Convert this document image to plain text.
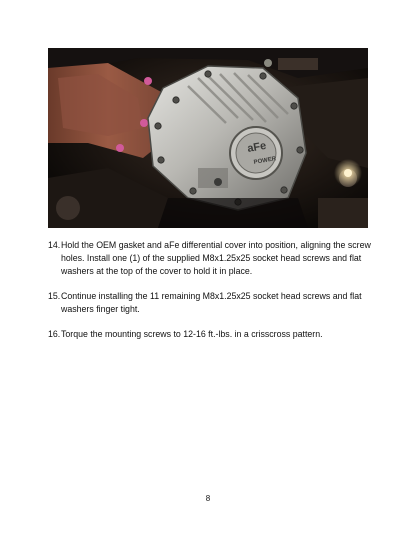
aFe
POWER
14. Hold the OEM gasket and aFe differential cover into position, aligning the screw holes. Install one (1) of the supplied M8x1.25x25 socket head screws and flat washers at the top of the cover to hold it in place.
15. Continue installing the 11 remaining M8x1.25x25 socket head screws and flat washers finger tight.
16. Torque the mounting screws to 12-16 ft.-lbs. in a crisscross pattern.
8
